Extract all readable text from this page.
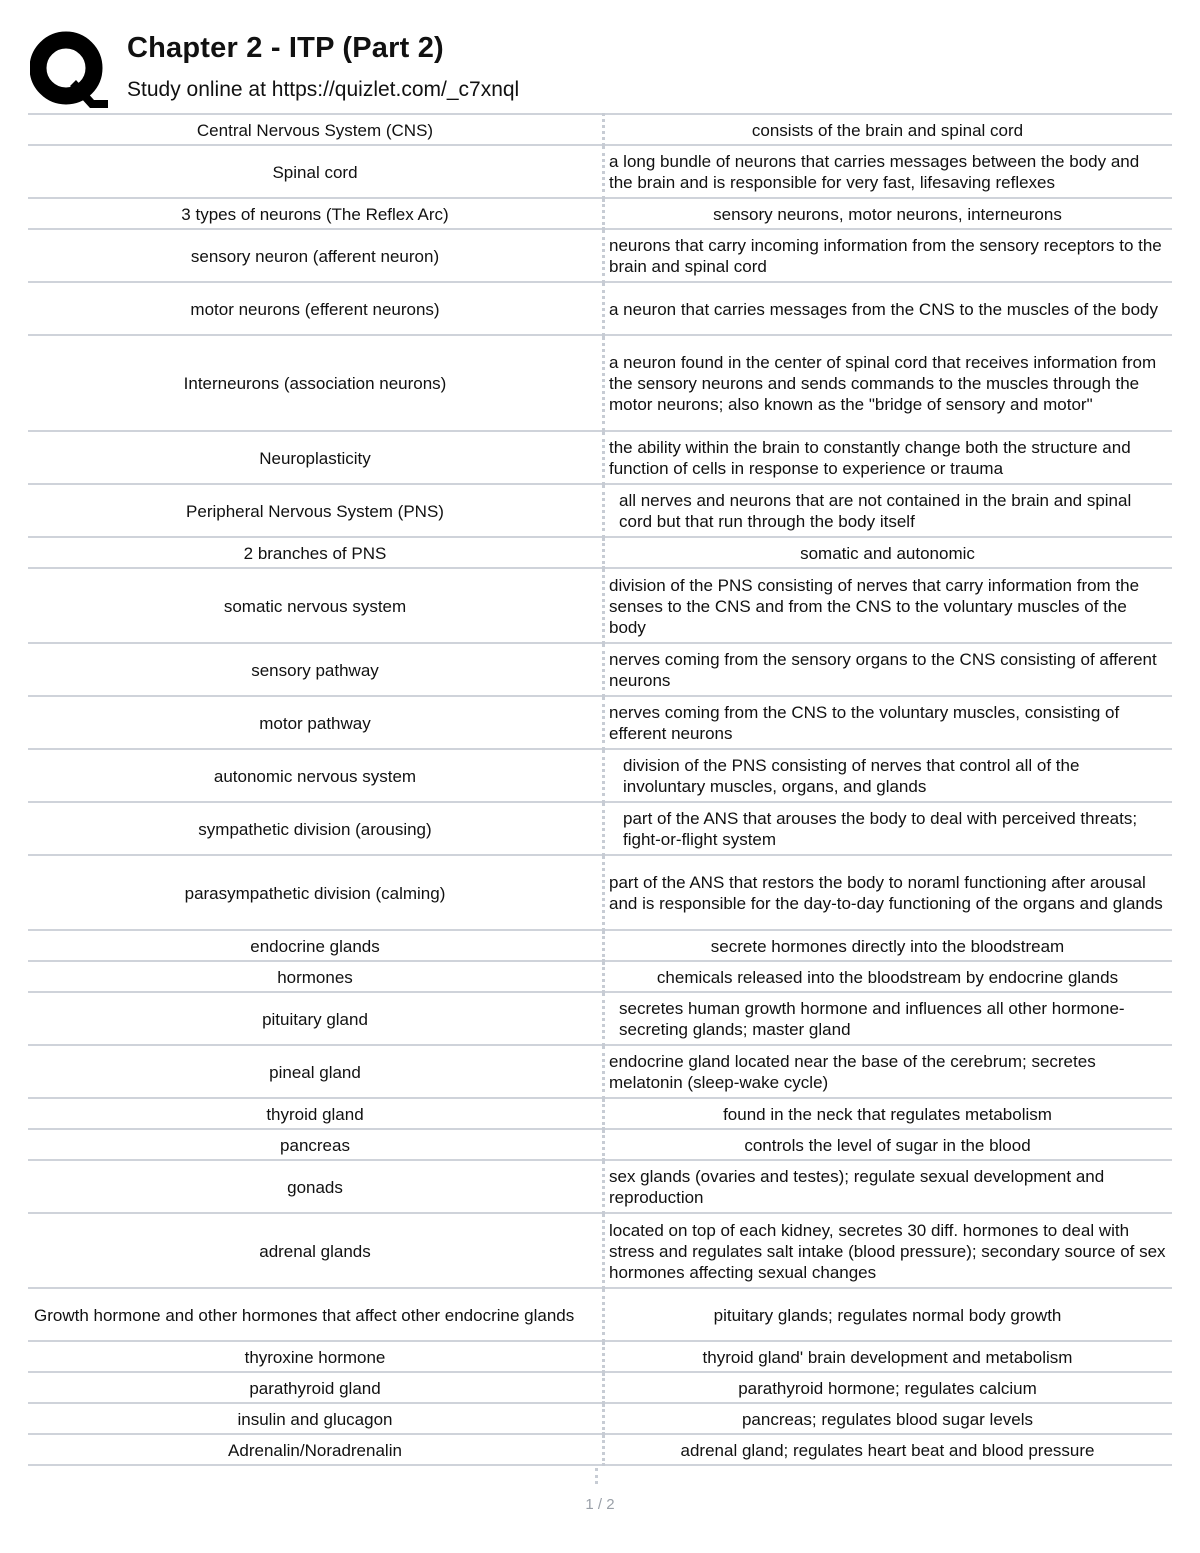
Chapter 2 - ITP (Part 2)

Study online at https://quizlet.com/_c7xnql

Central Nervous System (CNS)	consists of the brain and spinal cord
Spinal cord	a long bundle of neurons that carries messages between the body and the brain and is responsible for very fast, lifesaving reflexes
3 types of neurons (The Reflex Arc)	sensory neurons, motor neurons, interneurons
sensory neuron (afferent neuron)	neurons that carry incoming information from the sensory receptors to the brain and spinal cord
motor neurons (efferent neurons)	a neuron that carries messages from the CNS to the muscles of the body
Interneurons (association neurons)	a neuron found in the center of spinal cord that receives information from the sensory neurons and sends commands to the muscles through the motor neurons; also known as the "bridge of sensory and motor"
Neuroplasticity	the ability within the brain to constantly change both the structure and function of cells in response to experience or trauma
Peripheral Nervous System (PNS)	all nerves and neurons that are not contained in the brain and spinal cord but that run through the body itself
2 branches of PNS	somatic and autonomic
somatic nervous system	division of the PNS consisting of nerves that carry information from the senses to the CNS and from the CNS to the voluntary muscles of the body
sensory pathway	nerves coming from the sensory organs to the CNS consisting of afferent neurons
motor pathway	nerves coming from the CNS to the voluntary muscles, consisting of efferent neurons
autonomic nervous system	division of the PNS consisting of nerves that control all of the involuntary muscles, organs, and glands
sympathetic division (arousing)	part of the ANS that arouses the body to deal with perceived threats; fight-or-flight system
parasympathetic division (calming)	part of the ANS that restors the body to noraml functioning after arousal and is responsible for the day-to-day functioning of the organs and glands
endocrine glands	secrete hormones directly into the bloodstream
hormones	chemicals released into the bloodstream by endocrine glands
pituitary gland	secretes human growth hormone and influences all other hormone-secreting glands; master gland
pineal gland	endocrine gland located near the base of the cerebrum; secretes melatonin (sleep-wake cycle)
thyroid gland	found in the neck that regulates metabolism
pancreas	controls the level of sugar in the blood
gonads	sex glands (ovaries and testes); regulate sexual development and reproduction
adrenal glands	located on top of each kidney, secretes 30 diff. hormones to deal with stress and regulates salt intake (blood pressure); secondary source of sex hormones affecting sexual changes
Growth hormone and other hormones that affect other endocrine glands	pituitary glands; regulates normal body growth
thyroxine hormone	thyroid gland' brain development and metabolism
parathyroid gland	parathyroid hormone; regulates calcium
insulin and glucagon	pancreas; regulates blood sugar levels
Adrenalin/Noradrenalin	adrenal gland; regulates heart beat and blood pressure
1 / 2
